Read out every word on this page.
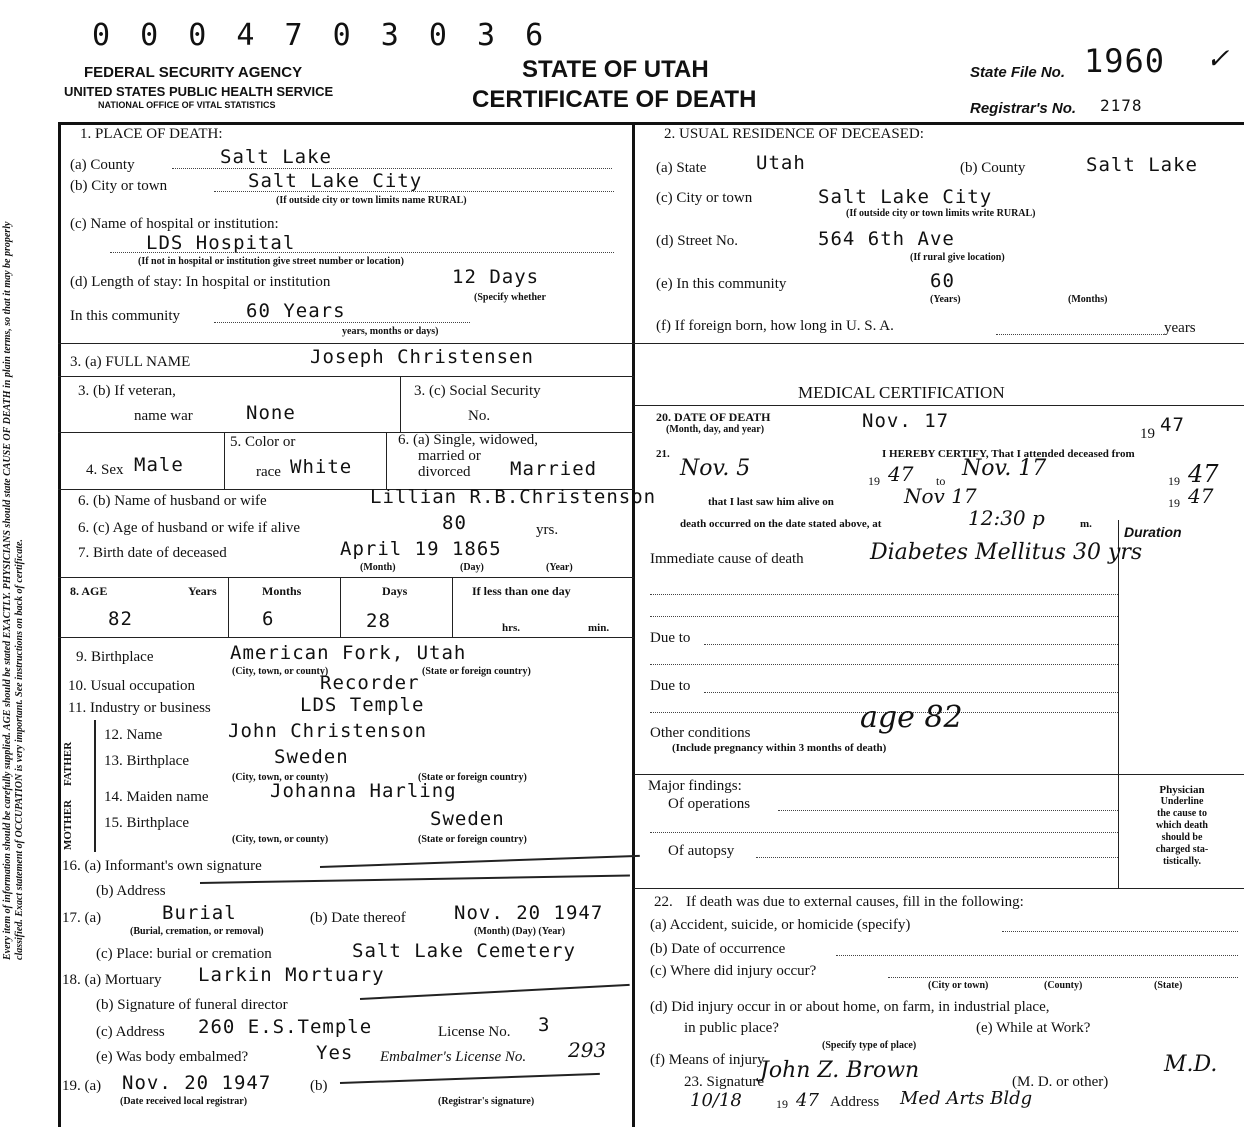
Every item of information should be carefully supplied. AGE should be stated EXACTLY. PHYSICIANS should state CAUSE OF DEATH in plain terms, so that it may be properly classified. Exact statement of OCCUPATION is very important. See instructions on back of certificate.
0 0 0 4 7 0 3 0 3 6
FEDERAL SECURITY AGENCY
UNITED STATES PUBLIC HEALTH SERVICE
NATIONAL OFFICE OF VITAL STATISTICS
STATE OF UTAH
CERTIFICATE OF DEATH
State File No. 1960 ✓
Registrar's No. 2178
1. PLACE OF DEATH:
(a) County	Salt Lake
(b) City or town	Salt Lake City
(If outside city or town limits name RURAL)
(c) Name of hospital or institution:
LDS Hospital
(If not in hospital or institution give street number or location)
(d) Length of stay: In hospital or institution	12 Days
(Specify whether
In this community	60 Years
years, months or days)
2. USUAL RESIDENCE OF DECEASED:
(a) State	Utah	(b) County	Salt Lake
(c) City or town	Salt Lake City
(If outside city or town limits write RURAL)
(d) Street No.	564 6th Ave
(If rural give location)
(e) In this community	60
(Years)	(Months)
(f) If foreign born, how long in U. S. A.	years
3. (a) FULL NAME	Joseph Christensen
3. (b) If veteran,
name war	None
3. (c) Social Security
No.
MEDICAL CERTIFICATION
4. Sex Male
5. Color or
race White
6. (a) Single, widowed,
married or
divorced Married
20. DATE OF DEATH
(Month, day, and year)	Nov. 17
19 47
21.	I HEREBY CERTIFY, That I attended deceased from
Nov. 5	19 47 to Nov. 17	19 47
that I last saw him alive on	Nov 17	19 47
death occurred on the date stated above, at	12:30 p	m. Duration
6. (b) Name of husband or wife	Lillian R.B.Christenson
6. (c) Age of husband or wife if alive	80	yrs.
7. Birth date of deceased	April 19 1865
(Month)	(Day)	(Year)
Immediate cause of death	Diabetes Mellitus 30 yrs
Due to
Due to
8. AGE	Years	Months	Days	If less than one day
82	6	28	hrs.	min.
9. Birthplace	American Fork, Utah
(City, town, or county)	(State or foreign country)
10. Usual occupation	Recorder
11. Industry or business	LDS Temple
FATHER
MOTHER
12. Name	John Christenson
13. Birthplace	Sweden
(City, town, or county)	(State or foreign country)
14. Maiden name	Johanna Harling
15. Birthplace	Sweden
(City, town, or county)	(State or foreign country)
Other conditions
(Include pregnancy within 3 months of death)
age 82
Major findings:
Of operations
Of autopsy
Physician
Underline
the cause to
which death
should be
charged sta-
tistically.
16. (a) Informant's own signature
(b) Address
22. If death was due to external causes, fill in the following:
(a) Accident, suicide, or homicide (specify)
(b) Date of occurrence
(c) Where did injury occur?
(City or town)	(County)	(State)
(d) Did injury occur in or about home, on farm, in industrial place,
in public place?
(Specify type of place)
(e) While at Work?
(f) Means of injury
17. (a)	Burial
(Burial, cremation, or removal)
(b) Date thereof	Nov. 20 1947
(Month) (Day) (Year)
(c) Place: burial or cremation	Salt Lake Cemetery
18. (a) Mortuary Larkin Mortuary
(b) Signature of funeral director
(c) Address 260 E.S.Temple	License No. 3
(e) Was body embalmed?	Yes Embalmer's License No. 293
19. (a) Nov. 20 1947
(Date received local registrar)
(b)
(Registrar's signature)
23. Signature
John Z. Brown	(M. D. or other)
M.D.
10/18	19 47 Address Med Arts Bldg
